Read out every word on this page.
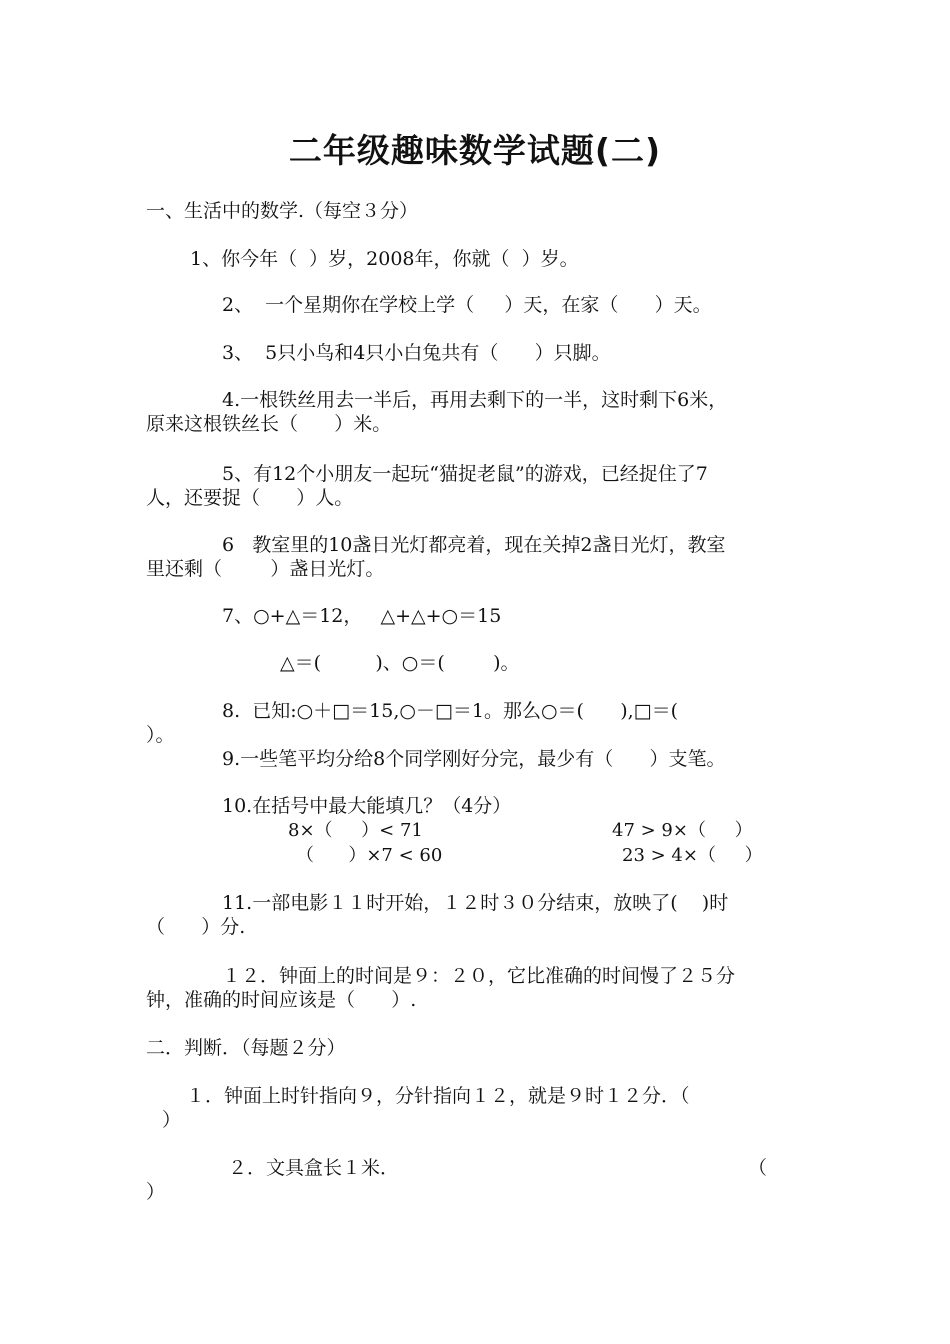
二年级趣味数学试题(二)
一、生活中的数学.（每空３分）
1、你今年（  ）岁，2008年，你就（  ）岁。
2、  一个星期你在学校上学（     ）天，在家（      ）天。
3、  5只小鸟和4只小白兔共有（      ）只脚。
4.一根铁丝用去一半后，再用去剩下的一半，这时剩下6米，
原来这根铁丝长（      ）米。
5、有12个小朋友一起玩“猫捉老鼠”的游戏，已经捉住了7
人，还要捉（      ）人。
6   教室里的10盏日光灯都亮着，现在关掉2盏日光灯，教室
里还剩（        ）盏日光灯。
7、○+△＝12，   △+△+○＝15
△＝(         )、○＝(        )。
8.  已知:○＋□＝15,○－□＝1。那么○＝(      ),□＝(
）。
9.一些笔平均分给8个同学刚好分完，最少有（      ）支笔。
10.在括号中最大能填几？（4分）
8×（     ）< 71	47 > 9×（     ）
（      ）×7 < 60	23 > 4×（     ）
11.一部电影１１时开始，１２时３０分结束，放映了(    )时
（      ）分.
１２．钟面上的时间是９：２０，它比准确的时间慢了２５分
钟，准确的时间应该是（      ）.
二．判断．（每题２分）
１．钟面上时针指向９，分针指向１２，就是９时１２分．（
）
２．文具盒长１米．	（
）
